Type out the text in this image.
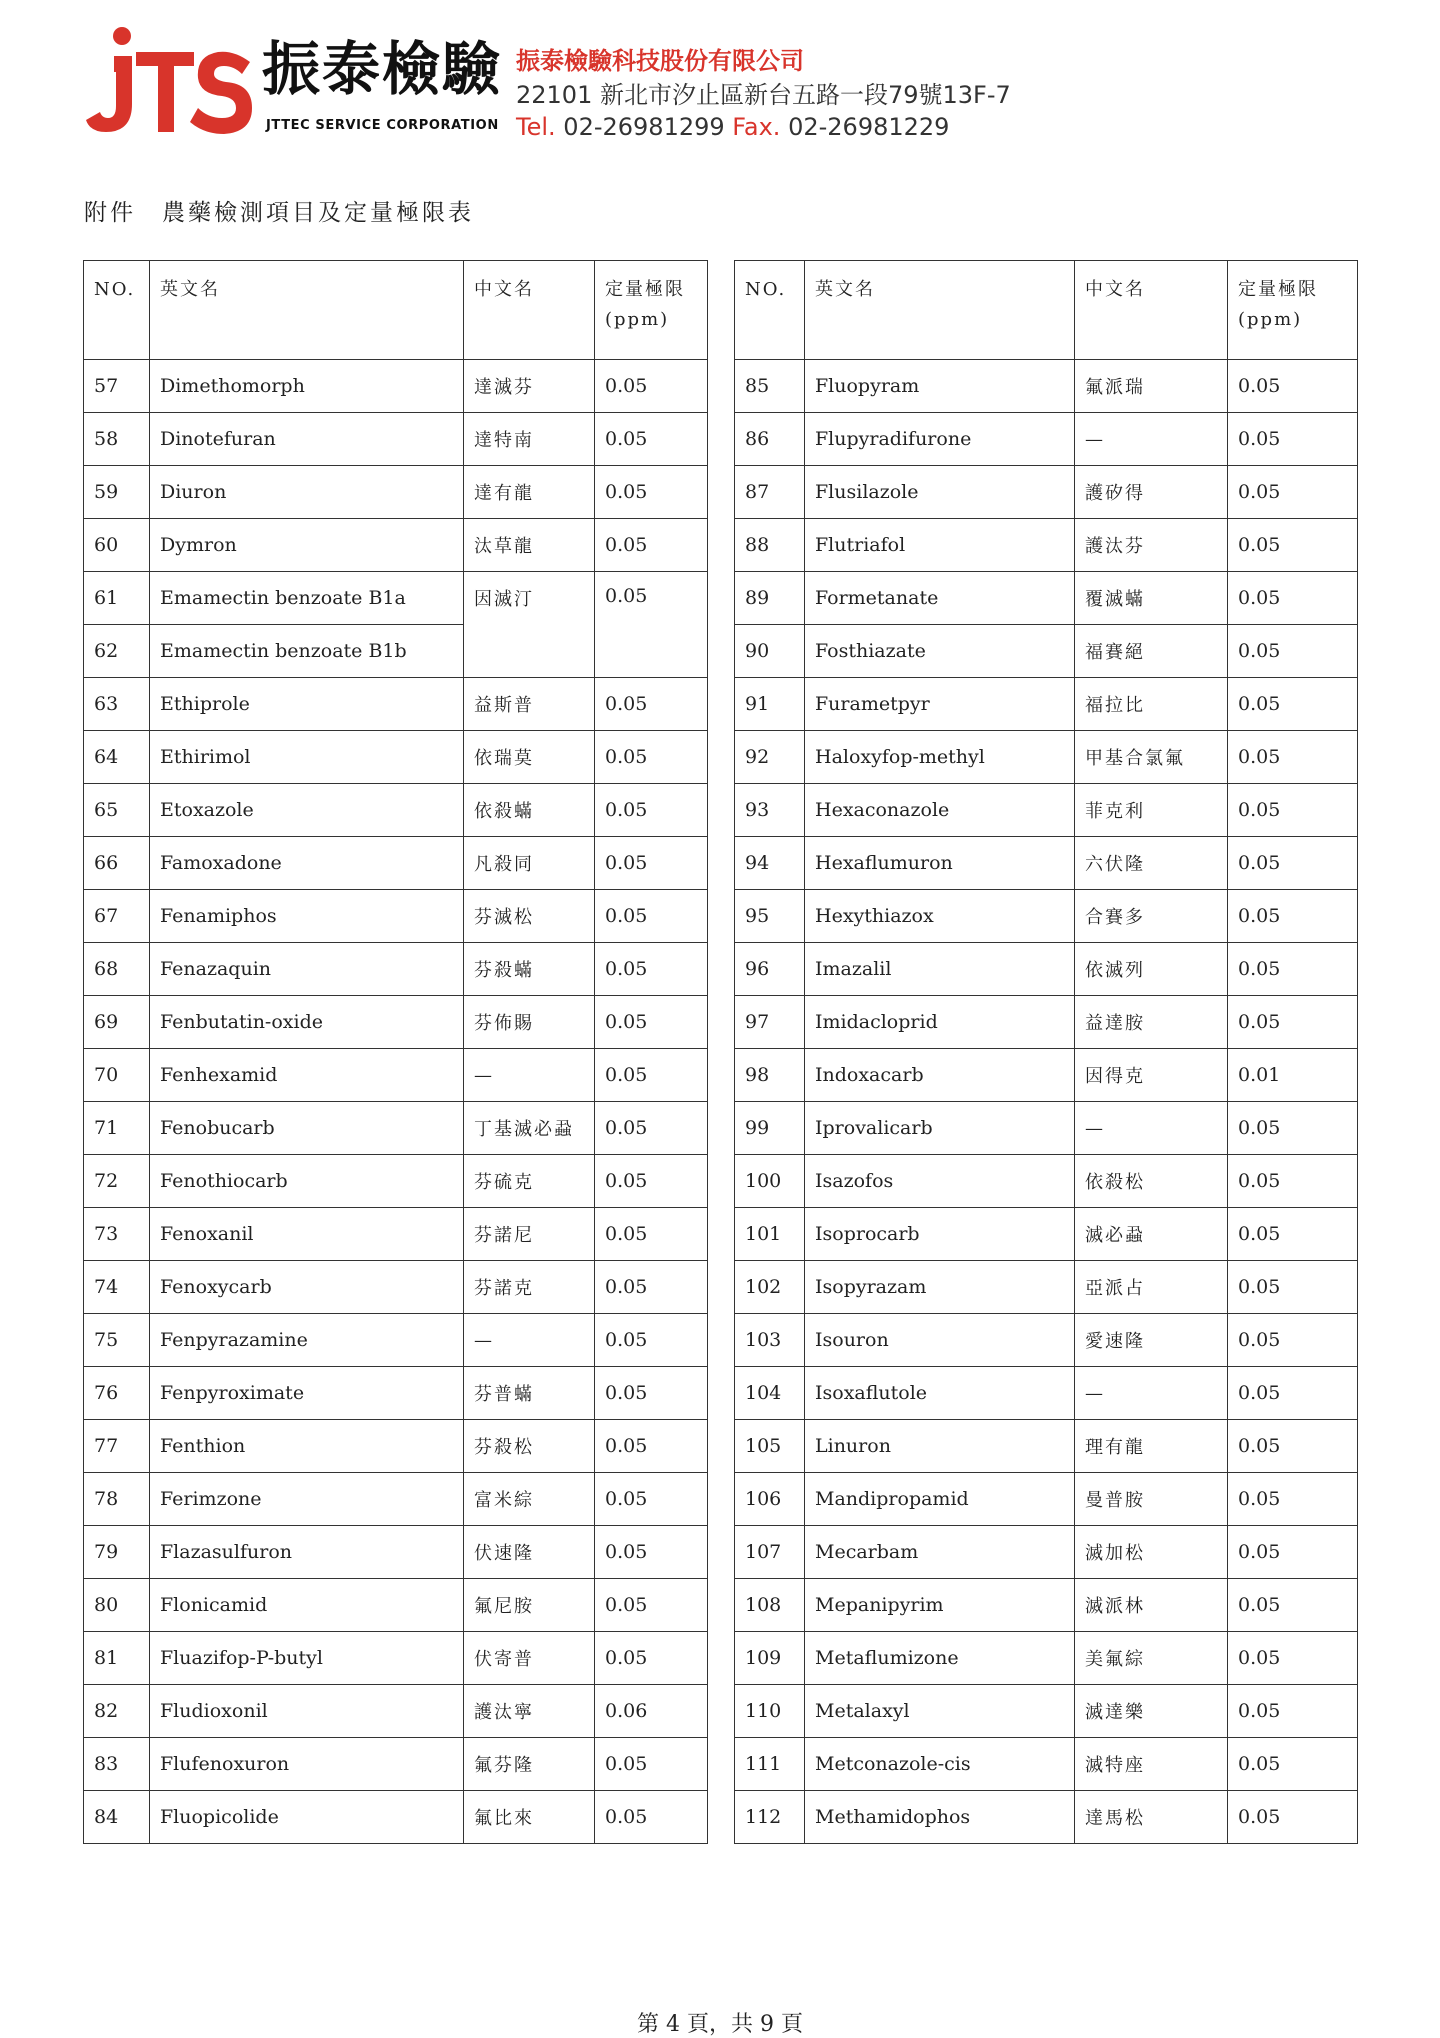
JTS
振泰檢驗
JTTEC SERVICE CORPORATION
振泰檢驗科技股份有限公司
22101 新北市汐止區新台五路一段79號13F-7
Tel. 02-26981299 Fax. 02-26981229
附件 農藥檢測項目及定量極限表
NO.	英文名	中文名	定量極限
(ppm)
57	Dimethomorph	達滅芬	0.05
58	Dinotefuran	達特南	0.05
59	Diuron	達有龍	0.05
60	Dymron	汰草龍	0.05
61	Emamectin benzoate B1a	因滅汀	0.05
62	Emamectin benzoate B1b		
63	Ethiprole	益斯普	0.05
64	Ethirimol	依瑞莫	0.05
65	Etoxazole	依殺蟎	0.05
66	Famoxadone	凡殺同	0.05
67	Fenamiphos	芬滅松	0.05
68	Fenazaquin	芬殺蟎	0.05
69	Fenbutatin-oxide	芬佈賜	0.05
70	Fenhexamid	—	0.05
71	Fenobucarb	丁基滅必蝨	0.05
72	Fenothiocarb	芬硫克	0.05
73	Fenoxanil	芬諾尼	0.05
74	Fenoxycarb	芬諾克	0.05
75	Fenpyrazamine	—	0.05
76	Fenpyroximate	芬普蟎	0.05
77	Fenthion	芬殺松	0.05
78	Ferimzone	富米綜	0.05
79	Flazasulfuron	伏速隆	0.05
80	Flonicamid	氟尼胺	0.05
81	Fluazifop-P-butyl	伏寄普	0.05
82	Fludioxonil	護汰寧	0.06
83	Flufenoxuron	氟芬隆	0.05
84	Fluopicolide	氟比來	0.05
NO.	英文名	中文名	定量極限
(ppm)
85	Fluopyram	氟派瑞	0.05
86	Flupyradifurone	—	0.05
87	Flusilazole	護矽得	0.05
88	Flutriafol	護汰芬	0.05
89	Formetanate	覆滅蟎	0.05
90	Fosthiazate	福賽絕	0.05
91	Furametpyr	福拉比	0.05
92	Haloxyfop-methyl	甲基合氯氟	0.05
93	Hexaconazole	菲克利	0.05
94	Hexaflumuron	六伏隆	0.05
95	Hexythiazox	合賽多	0.05
96	Imazalil	依滅列	0.05
97	Imidacloprid	益達胺	0.05
98	Indoxacarb	因得克	0.01
99	Iprovalicarb	—	0.05
100	Isazofos	依殺松	0.05
101	Isoprocarb	滅必蝨	0.05
102	Isopyrazam	亞派占	0.05
103	Isouron	愛速隆	0.05
104	Isoxaflutole	—	0.05
105	Linuron	理有龍	0.05
106	Mandipropamid	曼普胺	0.05
107	Mecarbam	滅加松	0.05
108	Mepanipyrim	滅派林	0.05
109	Metaflumizone	美氟綜	0.05
110	Metalaxyl	滅達樂	0.05
111	Metconazole-cis	滅特座	0.05
112	Methamidophos	達馬松	0.05
第 4 頁，共 9 頁
